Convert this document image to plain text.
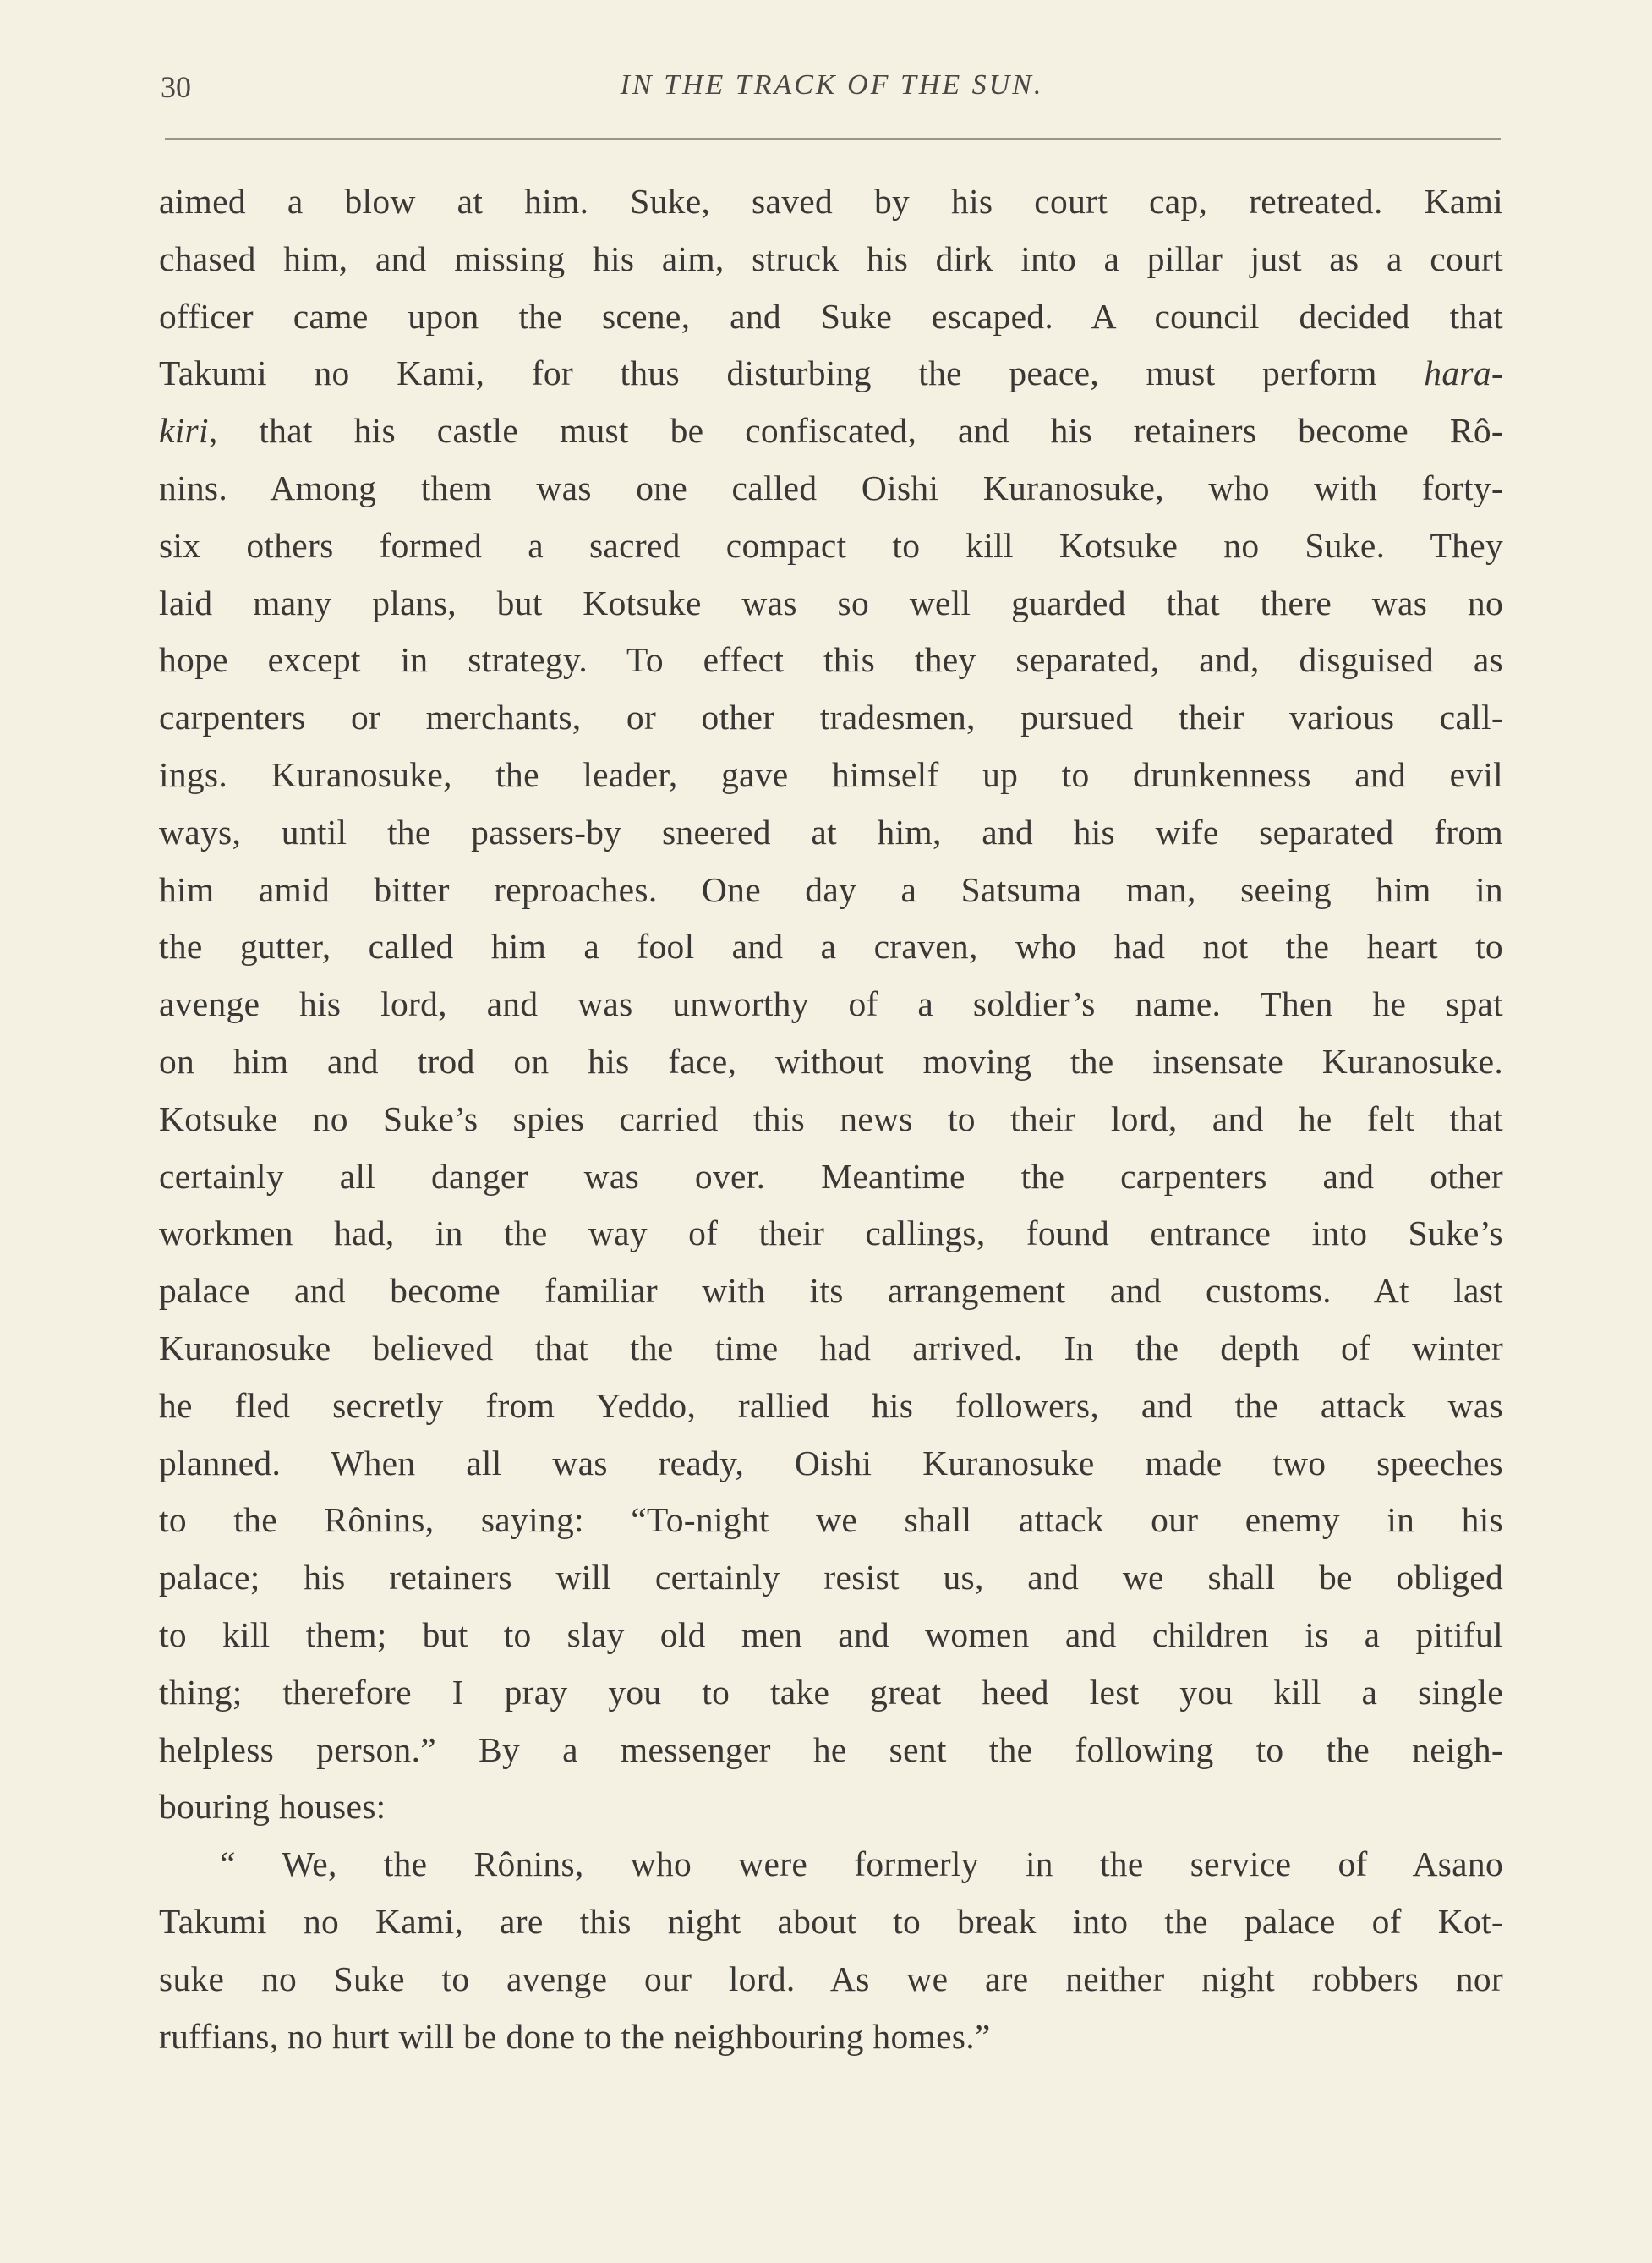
30	IN THE TRACK OF THE SUN.
aimed a blow at him. Suke, saved by his court cap, retreated. Kami
chased him, and missing his aim, struck his dirk into a pillar just as a court
officer came upon the scene, and Suke escaped. A council decided that
Takumi no Kami, for thus disturbing the peace, must perform hara-
kiri, that his castle must be confiscated, and his retainers become Rô-
nins. Among them was one called Oishi Kuranosuke, who with forty-
six others formed a sacred compact to kill Kotsuke no Suke. They
laid many plans, but Kotsuke was so well guarded that there was no
hope except in strategy. To effect this they separated, and, disguised as
carpenters or merchants, or other tradesmen, pursued their various call-
ings. Kuranosuke, the leader, gave himself up to drunkenness and evil
ways, until the passers-by sneered at him, and his wife separated from
him amid bitter reproaches. One day a Satsuma man, seeing him in
the gutter, called him a fool and a craven, who had not the heart to
avenge his lord, and was unworthy of a soldier’s name. Then he spat
on him and trod on his face, without moving the insensate Kuranosuke.
Kotsuke no Suke’s spies carried this news to their lord, and he felt that
certainly all danger was over. Meantime the carpenters and other
workmen had, in the way of their callings, found entrance into Suke’s
palace and become familiar with its arrangement and customs. At last
Kuranosuke believed that the time had arrived. In the depth of winter
he fled secretly from Yeddo, rallied his followers, and the attack was
planned. When all was ready, Oishi Kuranosuke made two speeches
to the Rônins, saying: “To-night we shall attack our enemy in his
palace; his retainers will certainly resist us, and we shall be obliged
to kill them; but to slay old men and women and children is a pitiful
thing; therefore I pray you to take great heed lest you kill a single
helpless person.” By a messenger he sent the following to the neigh-
bouring houses:
“ We, the Rônins, who were formerly in the service of Asano
Takumi no Kami, are this night about to break into the palace of Kot-
suke no Suke to avenge our lord. As we are neither night robbers nor
ruffians, no hurt will be done to the neighbouring homes.”
